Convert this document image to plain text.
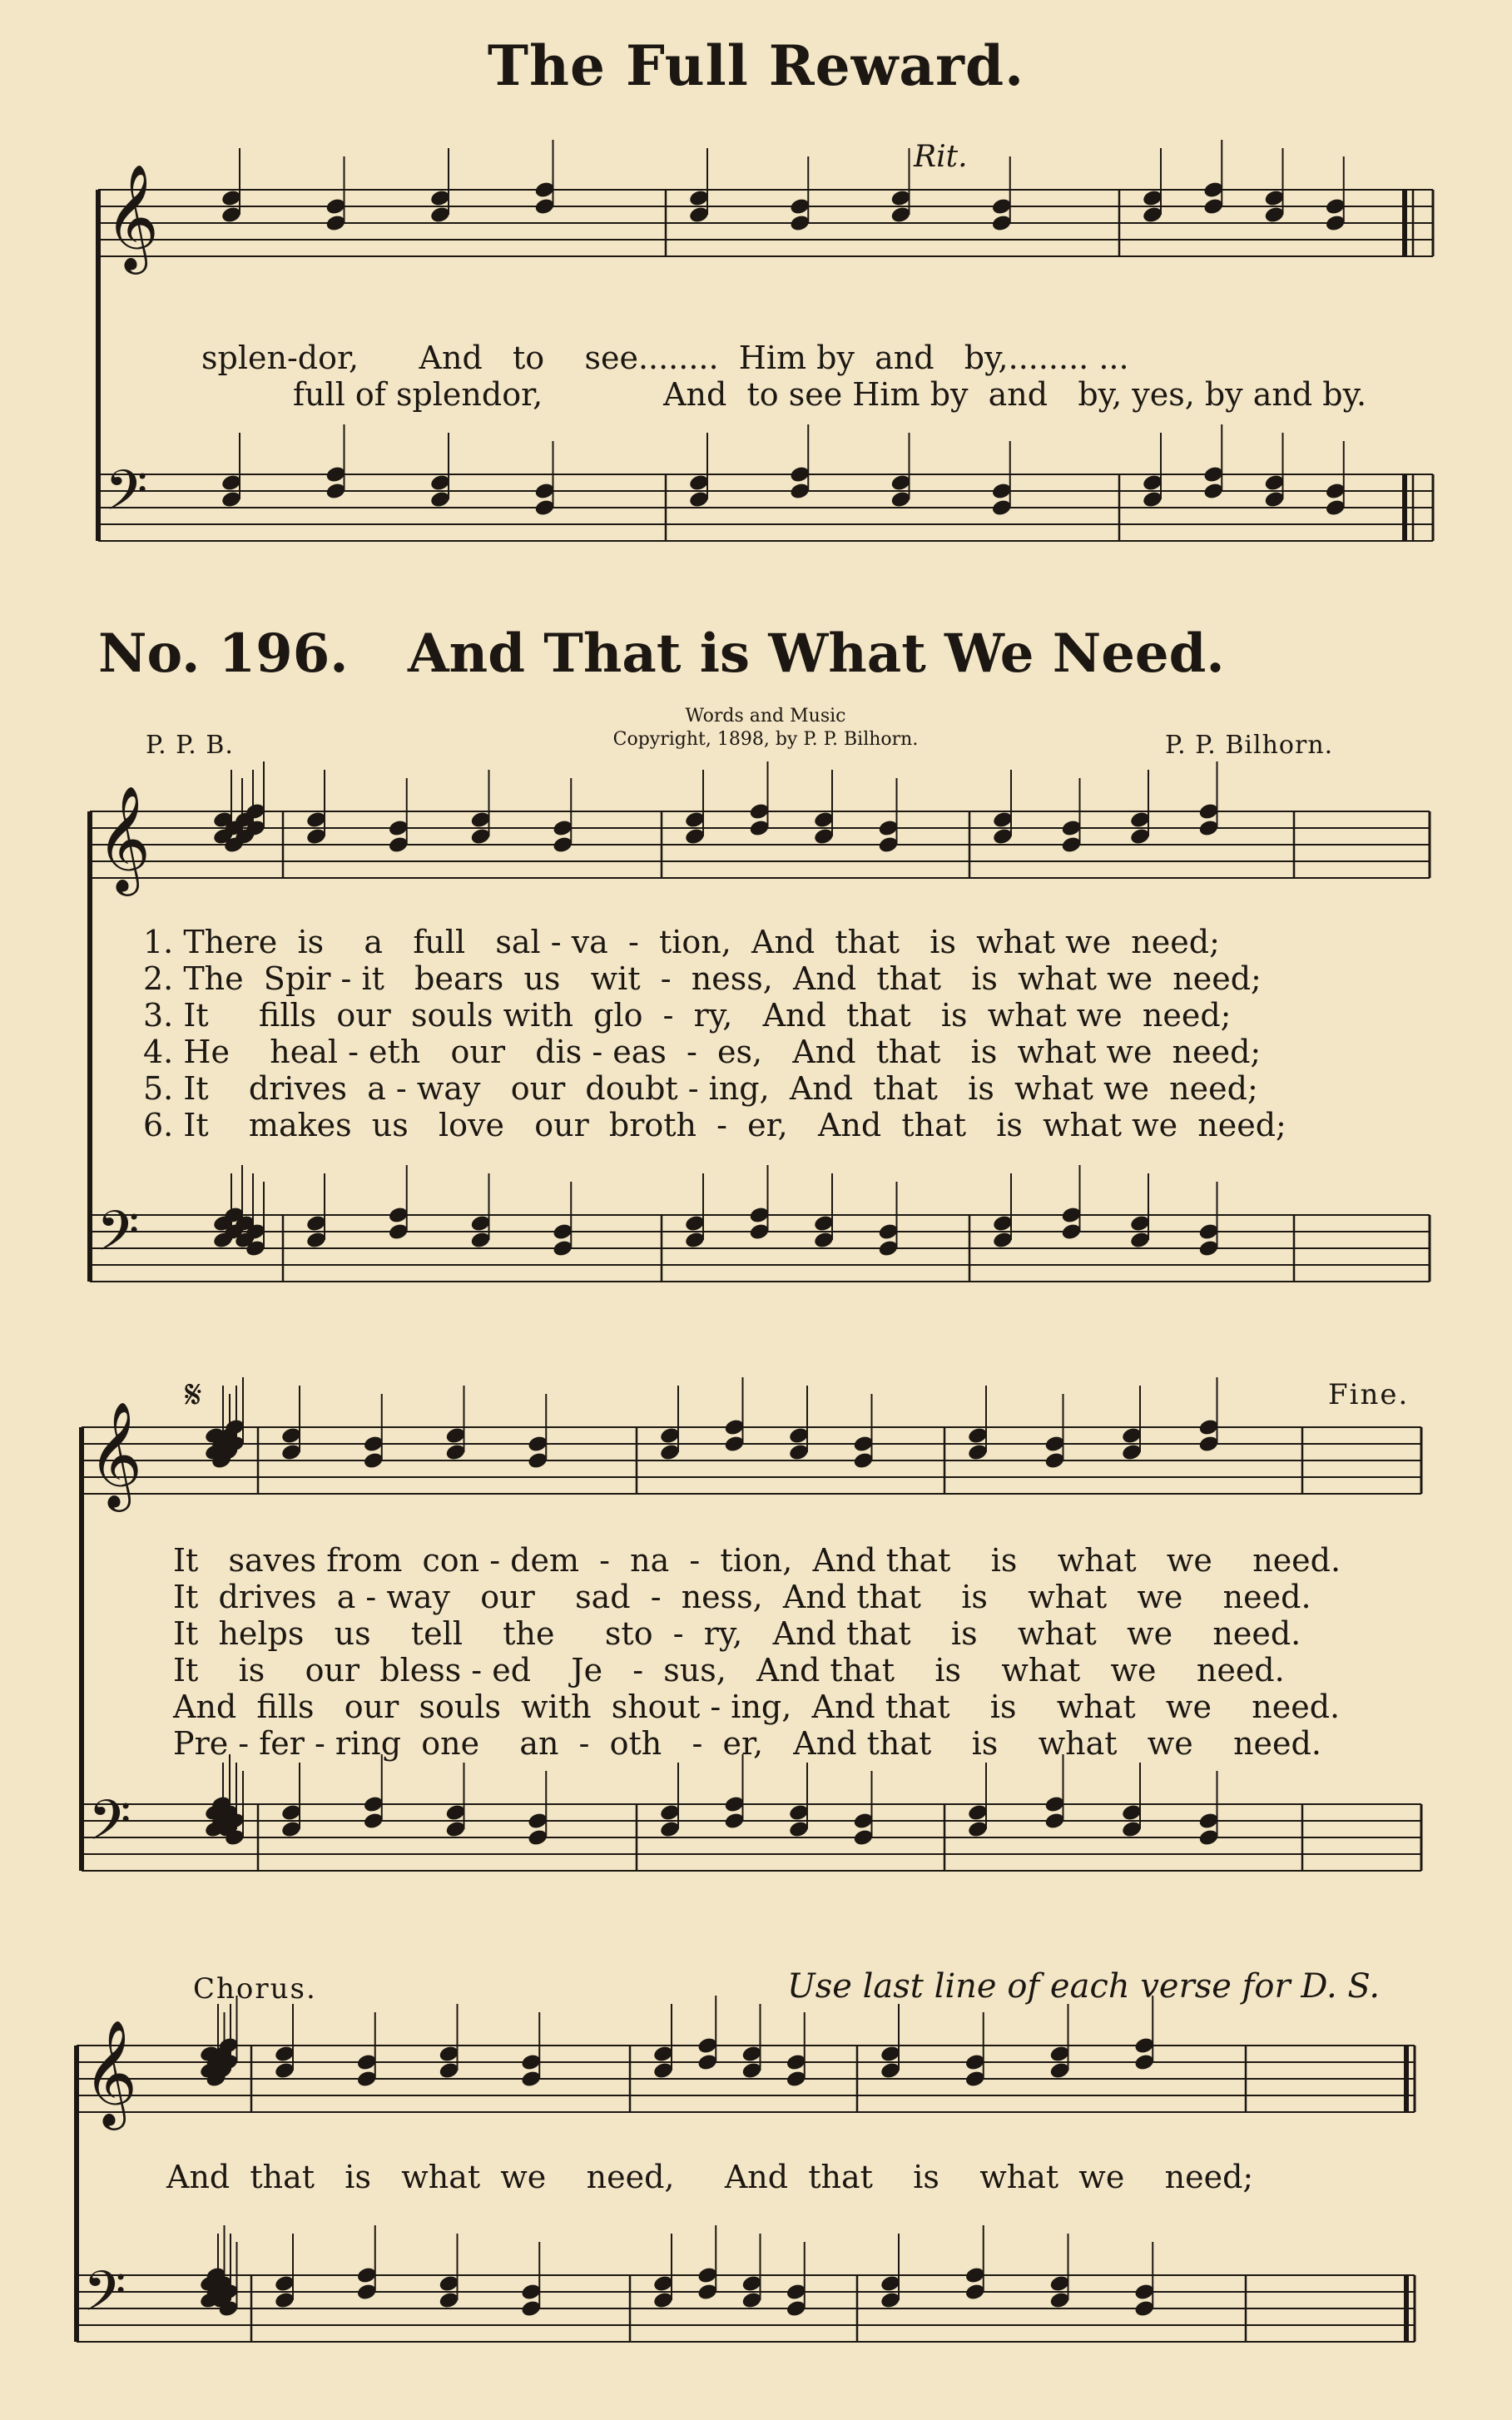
The Full Reward.
Rit.
splen-dor,      And   to    see........  Him by  and   by,........ ...
full of splendor,            And  to see Him by  and   by, yes, by and by.
No. 196. And That is What We Need.
P. P. B.
Words and Music
Copyright, 1898, by P. P. Bilhorn.	P. P. Bilhorn.
1. There  is    a   full   sal - va  -  tion,  And  that   is  what we  need;
2. The  Spir - it   bears  us   wit  -  ness,  And  that   is  what we  need;
3. It     fills  our  souls with  glo  -  ry,   And  that   is  what we  need;
4. He    heal - eth   our   dis - eas  -  es,   And  that   is  what we  need;
5. It    drives  a - way   our  doubt - ing,  And  that   is  what we  need;
6. It    makes  us   love   our  broth  -  er,   And  that   is  what we  need;
𝄋	Fine.
It   saves from  con - dem  -  na  -  tion,  And that    is    what   we    need.
It  drives  a - way   our    sad  -  ness,  And that    is    what   we    need.
It  helps   us    tell    the     sto  -  ry,   And that    is    what   we    need.
It    is    our  bless - ed    Je   -  sus,   And that    is    what   we    need.
And  fills   our  souls  with  shout - ing,  And that    is    what   we    need.
Pre - fer - ring  one    an  -  oth   -  er,   And that    is    what   we    need.
Chorus.	Use last line of each verse for D. S.
And  that   is   what  we    need,     And  that    is    what  we    need;
𝄞
𝄢
𝄞
𝄢
𝄞
𝄢
𝄞
𝄢
